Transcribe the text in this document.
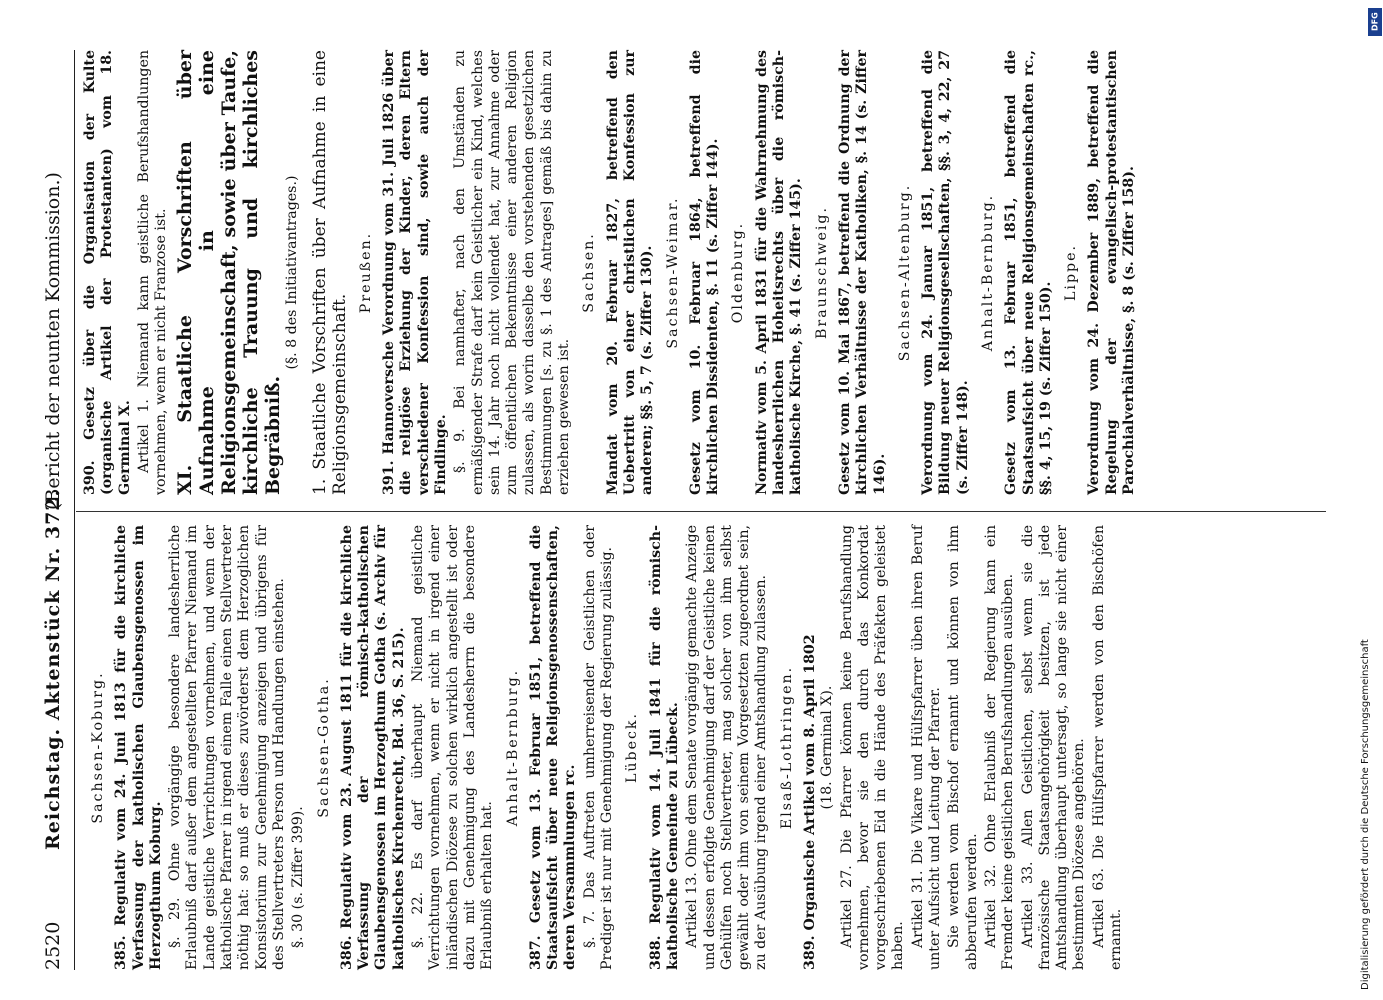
2520
Reichstag. Aktenstück Nr. 372.
(Bericht der neunten Kommission.)
Sachsen-Koburg. 385. Regulativ vom 24. Juni 1813 für die kirchliche Verfassung der katholischen Glaubensgenossen im Herzogthum Koburg. §. 29. Ohne vorgängige besondere landesherrliche Erlaubniß darf außer dem angestellten Pfarrer Niemand im Lande geistliche Verrichtungen vornehmen, und wenn der katholische Pfarrer in irgend einem Falle einen Stellvertreter nöthig hat: so muß er dieses zuvörderst dem Herzoglichen Konsistorium zur Genehmigung anzeigen und übrigens für des Stellvertreters Person und Handlungen einstehen. §. 30 (s. Ziffer 399).
Sachsen-Gotha. 386. Regulativ vom 23. August 1811 für die kirchliche Verfassung der römisch-katholischen Glaubensgenossen im Herzogthum Gotha (s. Archiv für katholisches Kirchenrecht, Bd. 36, S. 215). §. 22. Es darf überhaupt Niemand geistliche Verrichtungen vornehmen, wenn er nicht in irgend einer inländischen Diözese zu solchen wirklich angestellt ist oder dazu mit Genehmigung des Landesherrn die besondere Erlaubniß erhalten hat.
Anhalt-Bernburg. 387. Gesetz vom 13. Februar 1851, betreffend die Staatsaufsicht über neue Religionsgenossenschaften, deren Versammlungen rc. §. 7. Das Auftreten umherreisender Geistlichen oder Prediger ist nur mit Genehmigung der Regierung zulässig. Lübeck. 388. Regulativ vom 14. Juli 1841 für die römisch-katholische Gemeinde zu Lübeck. Artikel 13. Ohne dem Senate vorgängig gemachte Anzeige und dessen erfolgte Genehmigung darf der Geistliche keinen Gehülfen noch Stellvertreter, mag solcher von ihm selbst gewählt oder ihm von seinem Vorgesetzten zugeordnet sein, zu der Ausübung irgend einer Amtshandlung zulassen. Elsaß-Lothringen. 389. Organische Artikel vom 8. April 1802 (18. Germinal X). Artikel 27. Die Pfarrer können keine Berufshandlung vornehmen, bevor sie den durch das Konkordat vorgeschriebenen Eid in die Hände des Präfekten geleistet haben. Artikel 31. Die Vikare und Hülfspfarrer üben ihren Beruf unter Aufsicht und Leitung der Pfarrer. Sie werden vom Bischof ernannt und können von ihm abberufen werden. Artikel 32. Ohne Erlaubniß der Regierung kann ein Fremder keine geistlichen Berufshandlungen ausüben. Artikel 33. Allen Geistlichen, selbst wenn sie die französische Staatsangehörigkeit besitzen, ist jede Amtshandlung überhaupt untersagt, so lange sie nicht einer bestimmten Diözese angehören. Artikel 63. Die Hülfspfarrer werden von den Bischöfen ernannt.
390. Gesetz über die Organisation der Kulte (organische Artikel der Protestanten) vom 18. Germinal X. Artikel 1. Niemand kann geistliche Berufshandlungen vornehmen, wenn er nicht Franzose ist. XI. Staatliche Vorschriften über Aufnahme in eine Religionsgemeinschaft, sowie über Taufe, kirchliche Trauung und kirchliches Begräbniß.
(§. 8 des Initiativantrages.) 1. Staatliche Vorschriften über Aufnahme in eine Religionsgemeinschaft.
Preußen. 391. Hannoversche Verordnung vom 31. Juli 1826 über die religiöse Erziehung der Kinder, deren Eltern verschiedener Konfession sind, sowie auch der Findlinge. §. 9. Bei namhafter, nach den Umständen zu ermäßigender Strafe darf kein Geistlicher ein Kind, welches sein 14. Jahr noch nicht vollendet hat, zur Annahme oder zum öffentlichen Bekenntnisse einer anderen Religion zulassen, als worin dasselbe den vorstehenden gesetzlichen Bestimmungen [s. zu §. 1 des Antrages] gemäß bis dahin zu erziehen gewesen ist.
Sachsen. Mandat vom 20. Februar 1827, betreffend den Uebertritt von einer christlichen Konfession zur anderen; §§. 5, 7 (s. Ziffer 130). Sachsen-Weimar. Gesetz vom 10. Februar 1864, betreffend die kirchlichen Dissidenten, §. 11 (s. Ziffer 144). Oldenburg. Normativ vom 5. April 1831 für die Wahrnehmung des landesherrlichen Hoheitsrechts über die römisch-katholische Kirche, §. 41 (s. Ziffer 145). Braunschweig. Gesetz vom 10. Mai 1867, betreffend die Ordnung der kirchlichen Verhältnisse der Katholiken, §. 14 (s. Ziffer 146).
Sachsen-Altenburg. Verordnung vom 24. Januar 1851, betreffend die Bildung neuer Religionsgesellschaften, §§. 3, 4, 22, 27 (s. Ziffer 148).
Anhalt-Bernburg. Gesetz vom 13. Februar 1851, betreffend die Staatsaufsicht über neue Religionsgemeinschaften rc., §§. 4, 15, 19 (s. Ziffer 150).
Lippe. Verordnung vom 24. Dezember 1889, betreffend die Regelung der evangelisch-protestantischen Parochialverhältnisse, §. 8 (s. Ziffer 158).
DFG
Digitalisierung gefördert durch die Deutsche Forschungsgemeinschaft
